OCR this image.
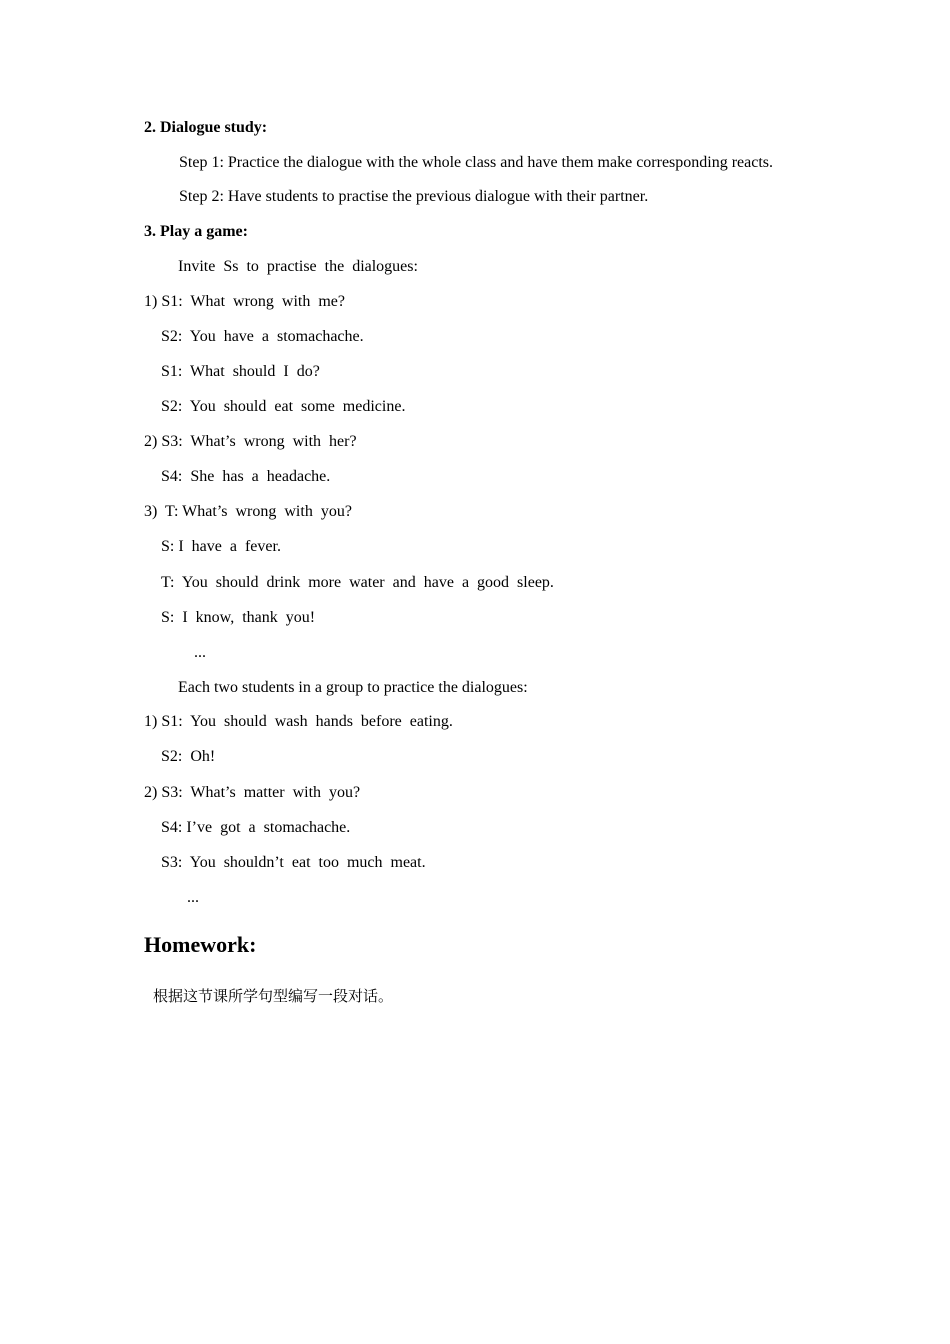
2. Dialogue study:
Step 1: Practice the dialogue with the whole class and have them make corresponding reacts.
Step 2: Have students to practise the previous dialogue with their partner.
3. Play a game:
Invite  Ss  to  practise  the  dialogues:
1) S1:  What  wrong  with  me?
S2:  You  have  a  stomachache.
S1:  What  should  I  do?
S2:  You  should  eat  some  medicine.
2) S3:  What’s  wrong  with  her?
S4:  She  has  a  headache.
3)  T: What’s  wrong  with  you?
S: I  have  a  fever.
T:  You  should  drink  more  water  and  have  a  good  sleep.
S:  I  know,  thank  you!
...
Each two students in a group to practice the dialogues:
1) S1:  You  should  wash  hands  before  eating.
S2:  Oh!
2) S3:  What’s  matter  with  you?
S4: I’ve  got  a  stomachache.
S3:  You  shouldn’t  eat  too  much  meat.
...
Homework:
根据这节课所学句型编写一段对话。
